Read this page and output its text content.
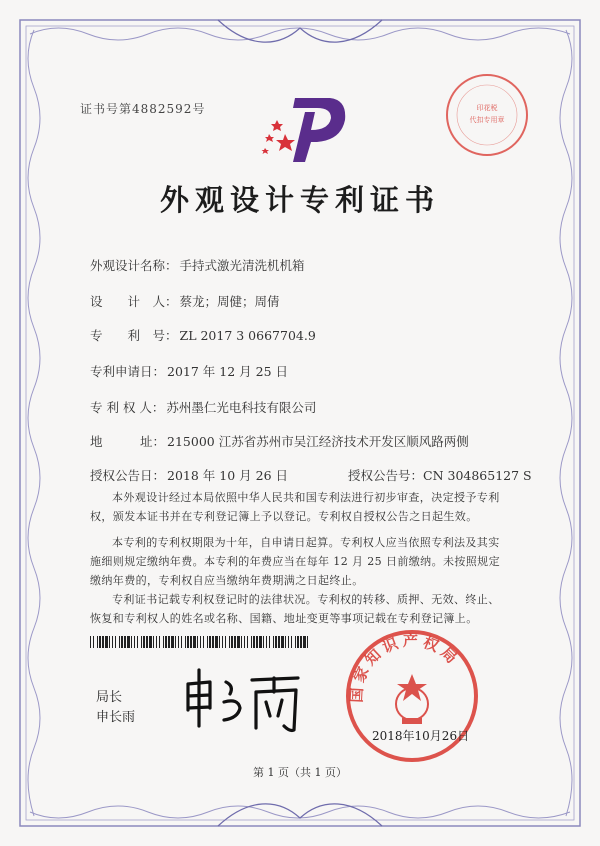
证书号第4882592号	印花税
代扣专用章
外观设计专利证书
外观设计名称： 手持式激光清洗机机箱
设　　计　人： 蔡龙；周健；周倩
专　　利　号： ZL 2017 3 0667704.9
专利申请日： 2017 年 12 月 25 日
专 利 权 人： 苏州墨仁光电科技有限公司
地　　　址： 215000 江苏省苏州市吴江经济技术开发区顺风路两侧
授权公告日： 2018 年 10 月 26 日	授权公告号：CN 304865127 S
本外观设计经过本局依照中华人民共和国专利法进行初步审查，决定授予专利权，颁发本证书并在专利登记簿上予以登记。专利权自授权公告之日起生效。
本专利的专利权期限为十年，自申请日起算。专利权人应当依照专利法及其实施细则规定缴纳年费。本专利的年费应当在每年 12 月 25 日前缴纳。未按照规定缴纳年费的，专利权自应当缴纳年费期满之日起终止。
专利证书记载专利权登记时的法律状况。专利权的转移、质押、无效、终止、恢复和专利权人的姓名或名称、国籍、地址变更等事项记载在专利登记簿上。
局长
申长雨
国家知识产权局
2018年10月26日
第 1 页（共 1 页）
